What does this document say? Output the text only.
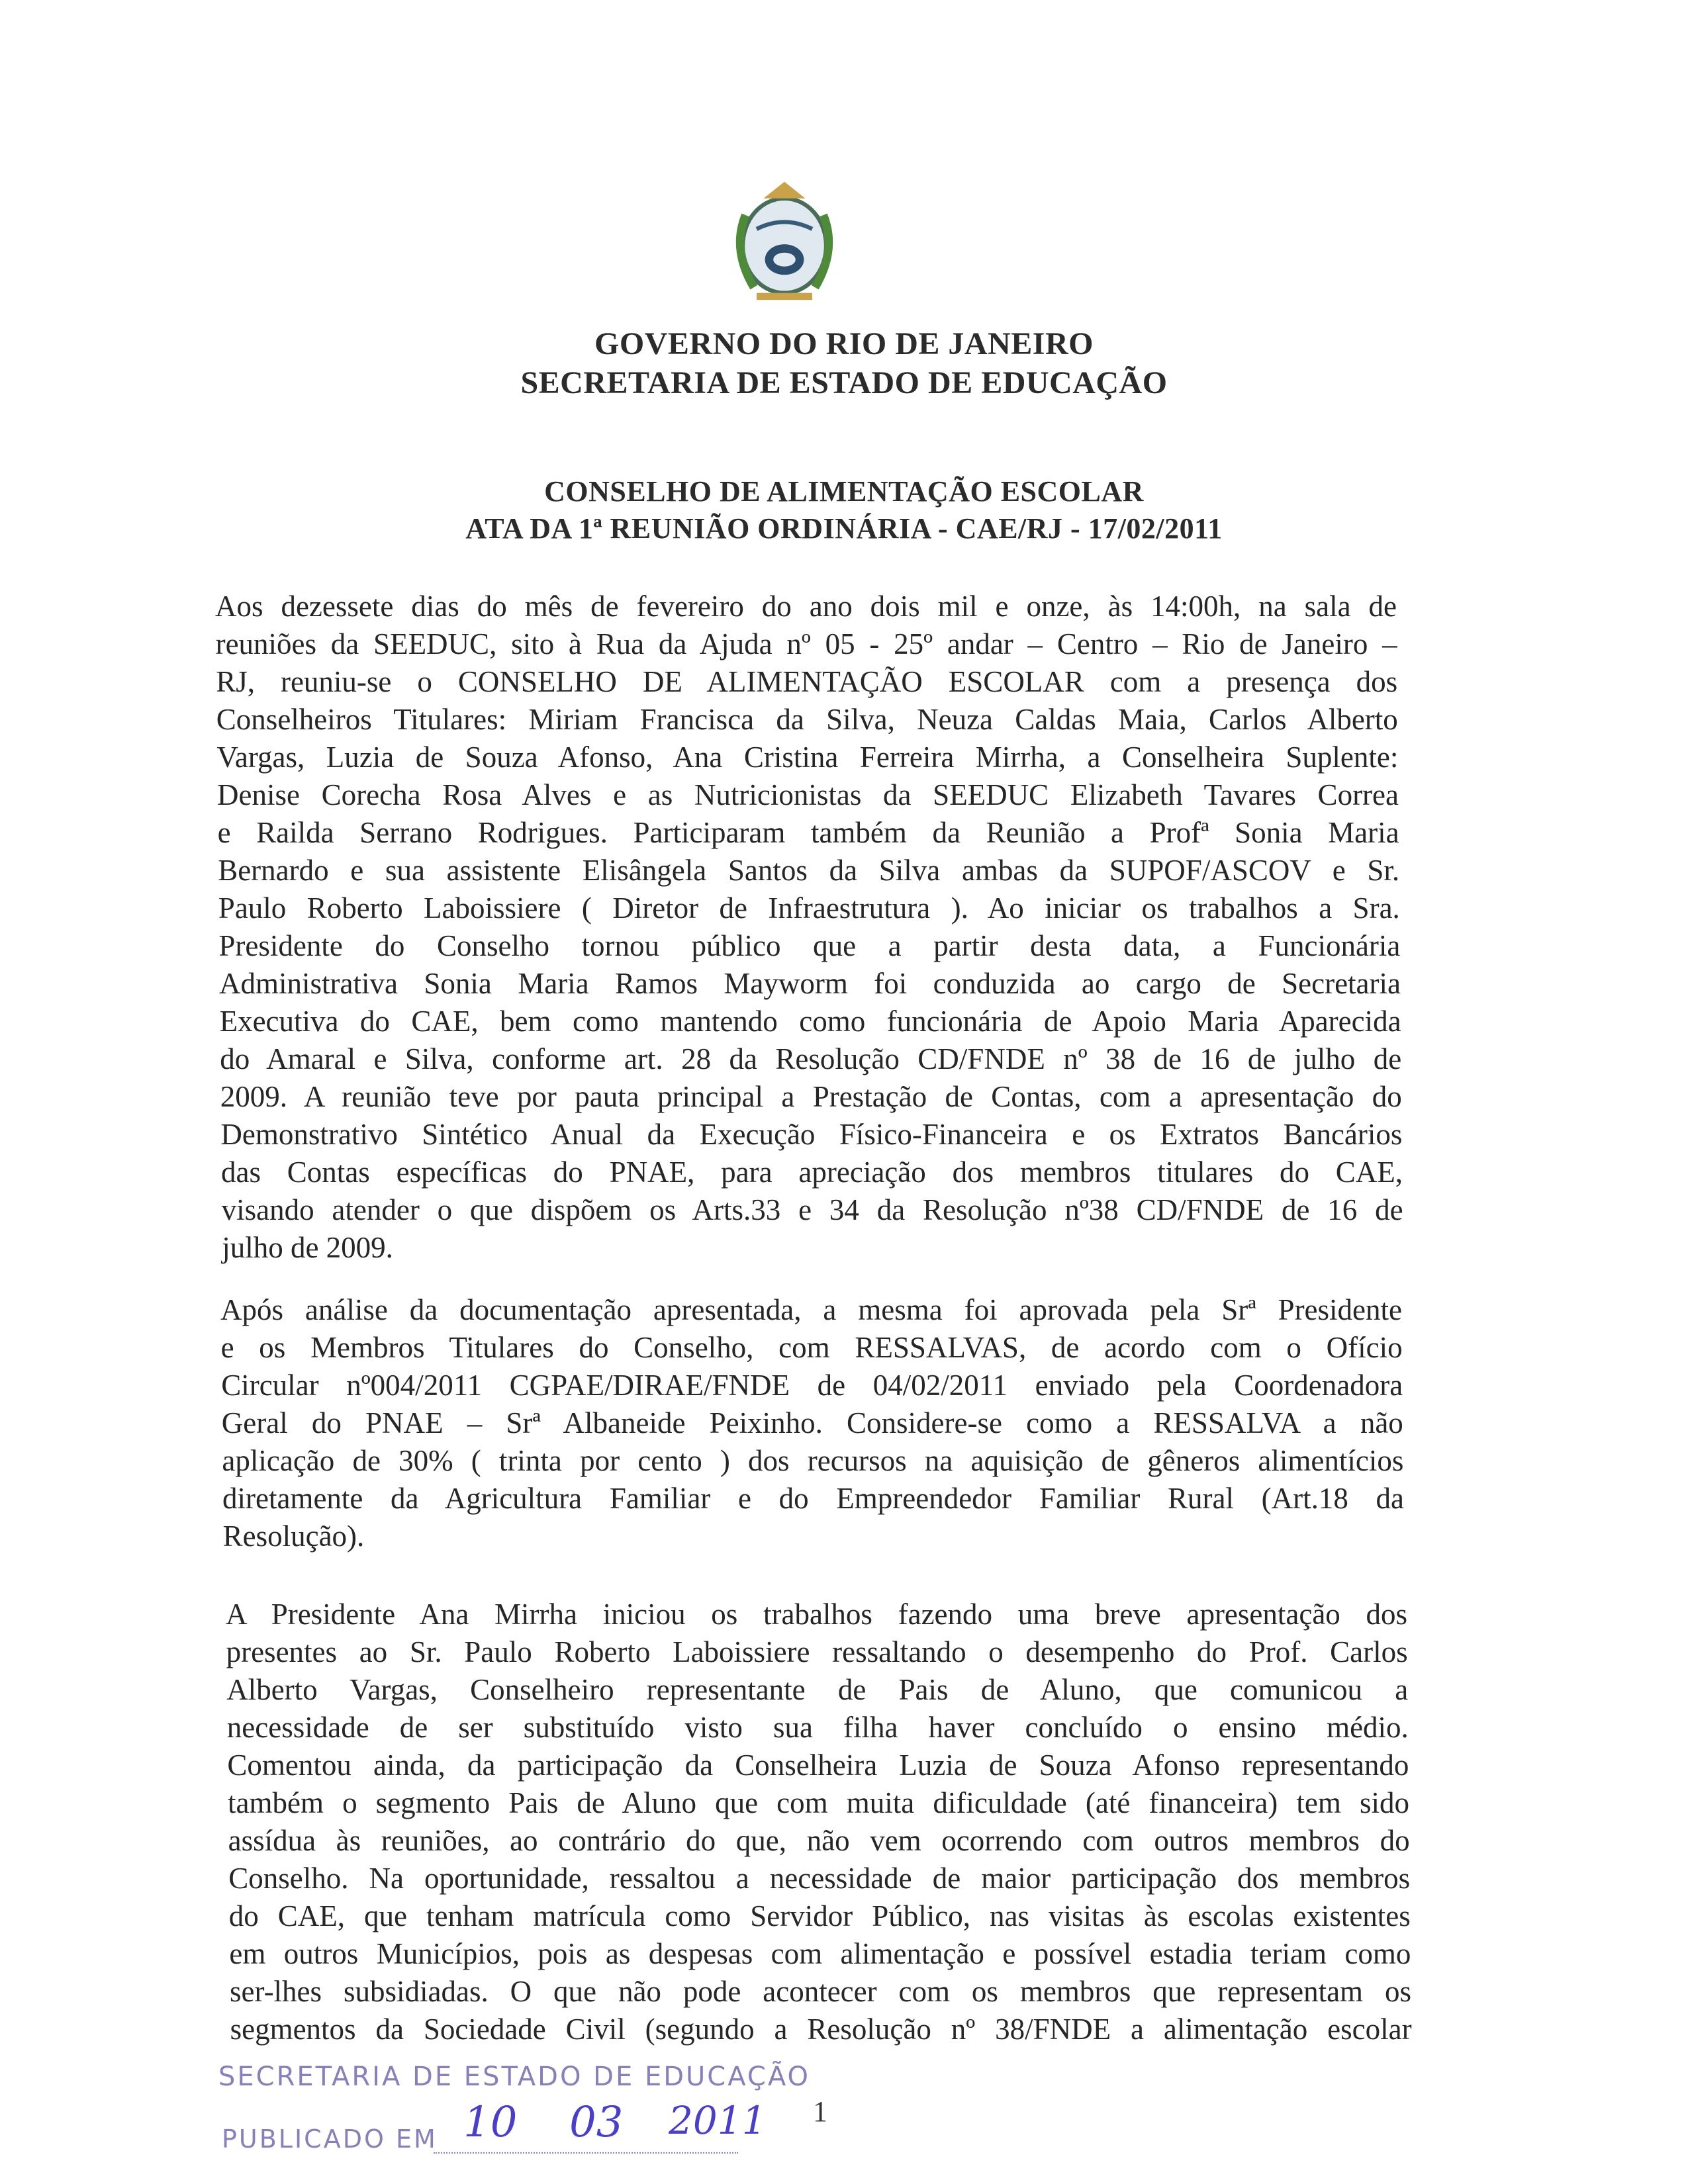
GOVERNO DO RIO DE JANEIRO
SECRETARIA DE ESTADO DE EDUCAÇÃO
CONSELHO DE ALIMENTAÇÃO ESCOLAR
ATA DA 1ª REUNIÃO ORDINÁRIA - CAE/RJ - 17/02/2011
Aos dezessete dias do mês de fevereiro do ano dois mil e onze, às 14:00h, na sala de
reuniões da SEEDUC, sito à Rua da Ajuda nº 05 - 25º andar – Centro – Rio de Janeiro –
RJ, reuniu-se o CONSELHO DE ALIMENTAÇÃO ESCOLAR com a presença dos
Conselheiros Titulares: Miriam Francisca da Silva, Neuza Caldas Maia, Carlos Alberto
Vargas, Luzia de Souza Afonso, Ana Cristina Ferreira Mirrha, a Conselheira Suplente:
Denise Corecha Rosa Alves e as Nutricionistas da SEEDUC Elizabeth Tavares Correa
e Railda Serrano Rodrigues. Participaram também da Reunião a Profª Sonia Maria
Bernardo e sua assistente Elisângela Santos da Silva ambas da SUPOF/ASCOV e Sr.
Paulo Roberto Laboissiere ( Diretor de Infraestrutura ). Ao iniciar os trabalhos a Sra.
Presidente do Conselho tornou público que a partir desta data, a Funcionária
Administrativa Sonia Maria Ramos Mayworm foi conduzida ao cargo de Secretaria
Executiva do CAE, bem como mantendo como funcionária de Apoio Maria Aparecida
do Amaral e Silva, conforme art. 28 da Resolução CD/FNDE nº 38 de 16 de julho de
2009. A reunião teve por pauta principal a Prestação de Contas, com a apresentação do
Demonstrativo Sintético Anual da Execução Físico-Financeira e os Extratos Bancários
das Contas específicas do PNAE, para apreciação dos membros titulares do CAE,
visando atender o que dispõem os Arts.33 e 34 da Resolução nº38 CD/FNDE de 16 de
julho de 2009.
Após análise da documentação apresentada, a mesma foi aprovada pela Srª Presidente
e os Membros Titulares do Conselho, com RESSALVAS, de acordo com o Ofício
Circular nº004/2011 CGPAE/DIRAE/FNDE de 04/02/2011 enviado pela Coordenadora
Geral do PNAE – Srª Albaneide Peixinho. Considere-se como a RESSALVA a não
aplicação de 30% ( trinta por cento ) dos recursos na aquisição de gêneros alimentícios
diretamente da Agricultura Familiar e do Empreendedor Familiar Rural (Art.18 da
Resolução).
A Presidente Ana Mirrha iniciou os trabalhos fazendo uma breve apresentação dos
presentes ao Sr. Paulo Roberto Laboissiere ressaltando o desempenho do Prof. Carlos
Alberto Vargas, Conselheiro representante de Pais de Aluno, que comunicou a
necessidade de ser substituído visto sua filha haver concluído o ensino médio.
Comentou ainda, da participação da Conselheira Luzia de Souza Afonso representando
também o segmento Pais de Aluno que com muita dificuldade (até financeira) tem sido
assídua às reuniões, ao contrário do que, não vem ocorrendo com outros membros do
Conselho. Na oportunidade, ressaltou a necessidade de maior participação dos membros
do CAE, que tenham matrícula como Servidor Público, nas visitas às escolas existentes
em outros Municípios, pois as despesas com alimentação e possível estadia teriam como
ser-lhes subsidiadas. O que não pode acontecer com os membros que representam os
segmentos da Sociedade Civil (segundo a Resolução nº 38/FNDE a alimentação escolar
SECRETARIA DE ESTADO DE EDUCAÇÃO
PUBLICADO EM 10 03 2011 1
